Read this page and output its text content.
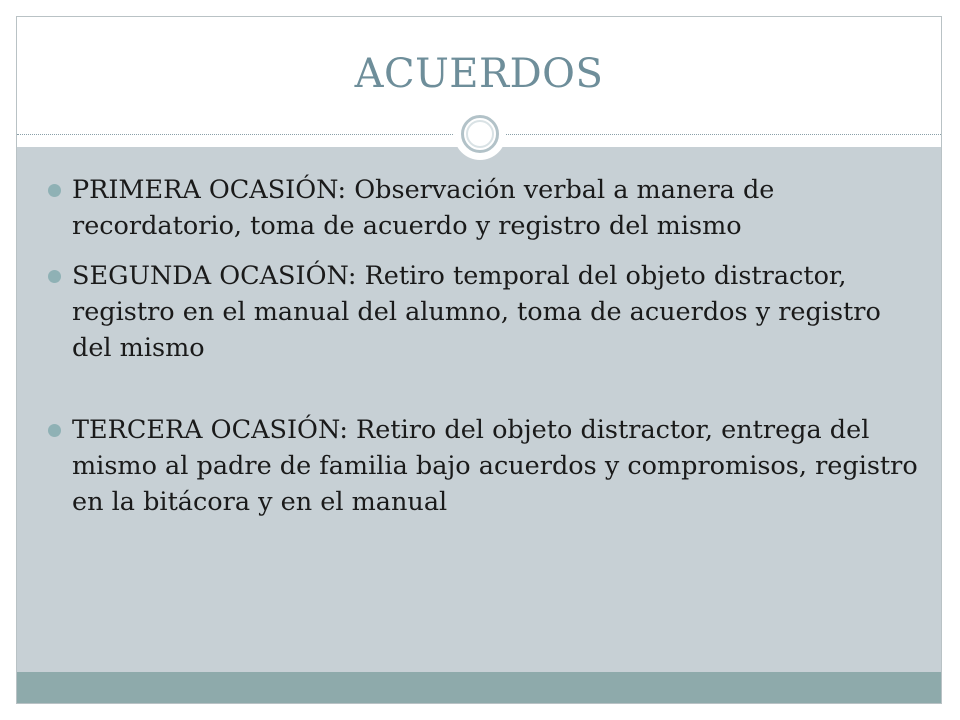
ACUERDOS
PRIMERA OCASIÓN: Observación verbal a manera de recordatorio, toma de acuerdo y registro del mismo
SEGUNDA OCASIÓN: Retiro temporal del objeto distractor, registro en el manual del alumno, toma de acuerdos y registro del mismo
TERCERA OCASIÓN: Retiro del objeto distractor, entrega del mismo al padre de familia bajo acuerdos y compromisos, registro en la bitácora y en el manual
